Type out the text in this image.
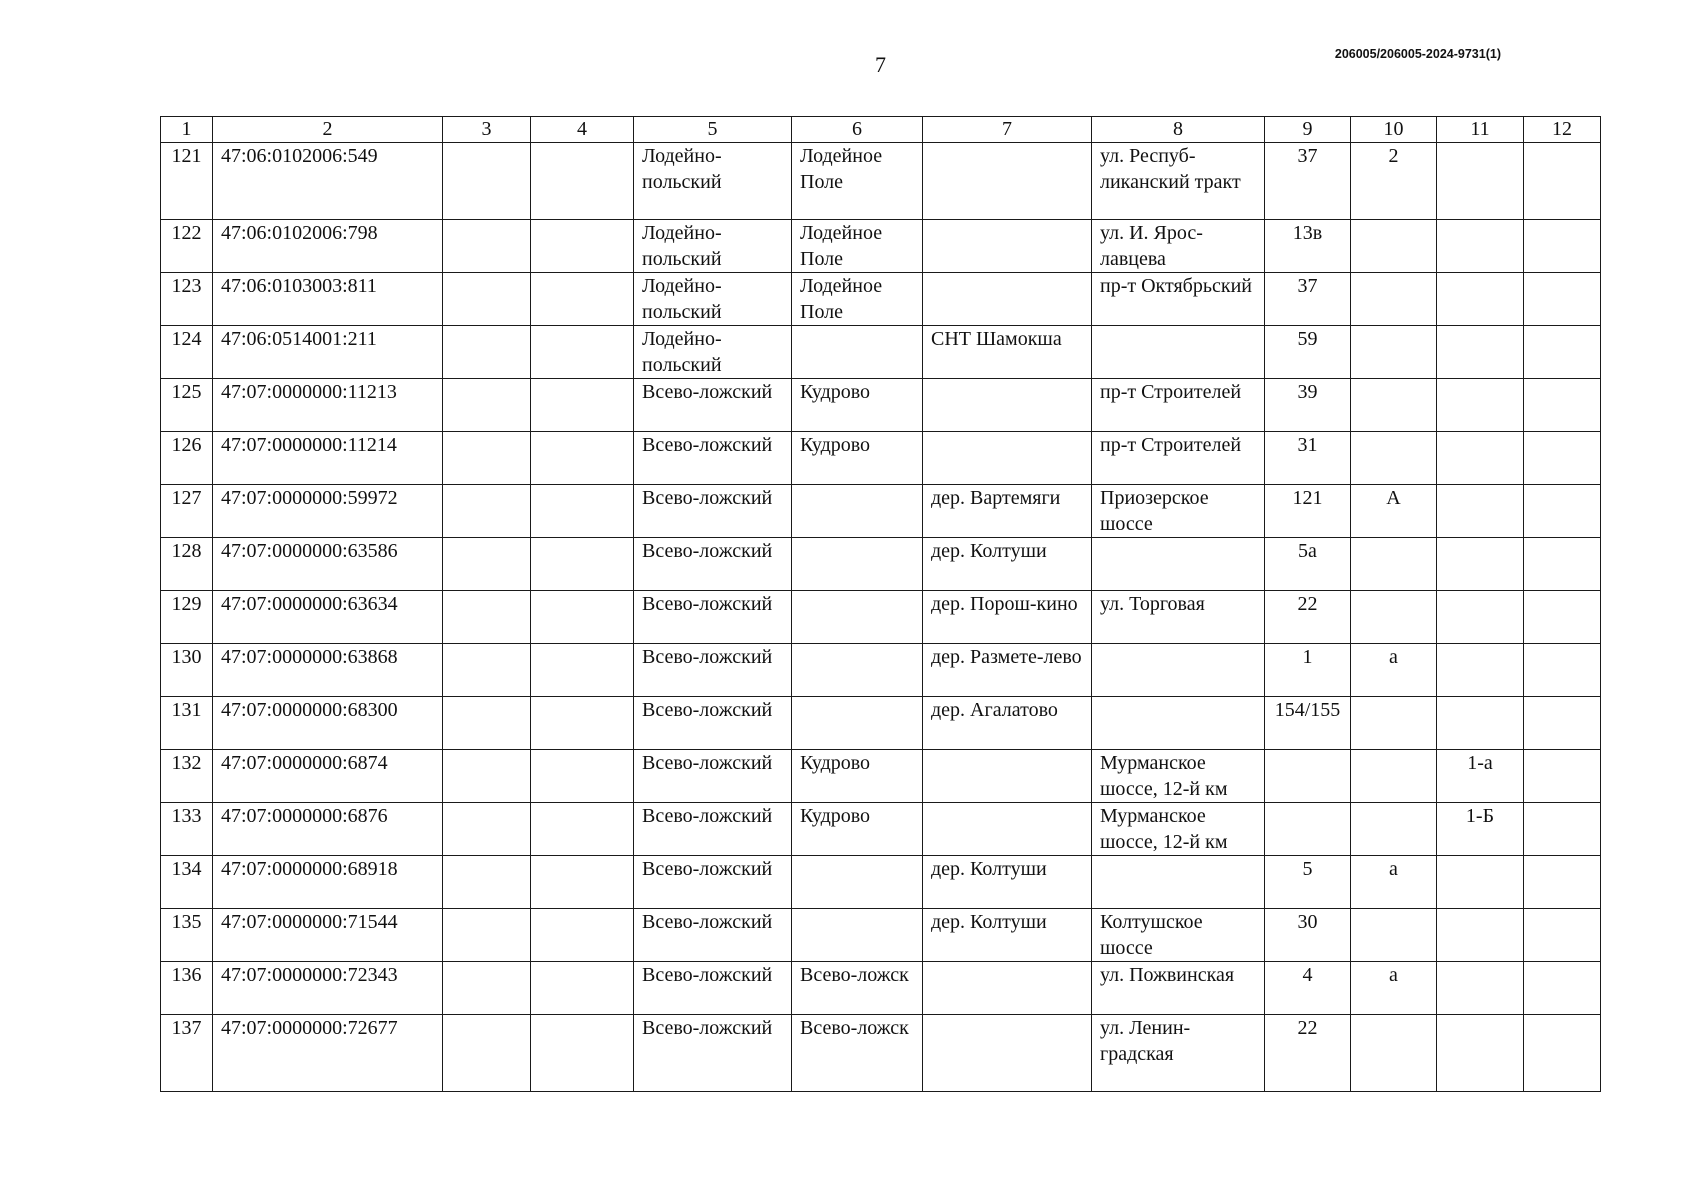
7	206005/206005-2024-9731(1)
1	2	3	4	5	6	7	8	9	10	11	12
121	47:06:0102006:549			Лодейно-польский	Лодейное Поле		ул. Респуб-ликанский тракт	37	2		
122	47:06:0102006:798			Лодейно-польский	Лодейное Поле		ул. И. Ярос-лавцева	13в			
123	47:06:0103003:811			Лодейно-польский	Лодейное Поле		пр-т Октябрьский	37			
124	47:06:0514001:211			Лодейно-польский		СНТ Шамокша		59			
125	47:07:0000000:11213			Всево-ложский	Кудрово		пр-т Строителей	39			
126	47:07:0000000:11214			Всево-ложский	Кудрово		пр-т Строителей	31			
127	47:07:0000000:59972			Всево-ложский		дер. Вартемяги	Приозерское шоссе	121	А		
128	47:07:0000000:63586			Всево-ложский		дер. Колтуши		5а			
129	47:07:0000000:63634			Всево-ложский		дер. Порош-кино	ул. Торговая	22			
130	47:07:0000000:63868			Всево-ложский		дер. Размете-лево		1	а		
131	47:07:0000000:68300			Всево-ложский		дер. Агалатово		154/155			
132	47:07:0000000:6874			Всево-ложский	Кудрово		Мурманское шоссе, 12-й км			1-а	
133	47:07:0000000:6876			Всево-ложский	Кудрово		Мурманское шоссе, 12-й км			1-Б	
134	47:07:0000000:68918			Всево-ложский		дер. Колтуши		5	а		
135	47:07:0000000:71544			Всево-ложский		дер. Колтуши	Колтушское шоссе	30			
136	47:07:0000000:72343			Всево-ложский	Всево-ложск		ул. Пожвинская	4	а		
137	47:07:0000000:72677			Всево-ложский	Всево-ложск		ул. Ленин-градская	22			
